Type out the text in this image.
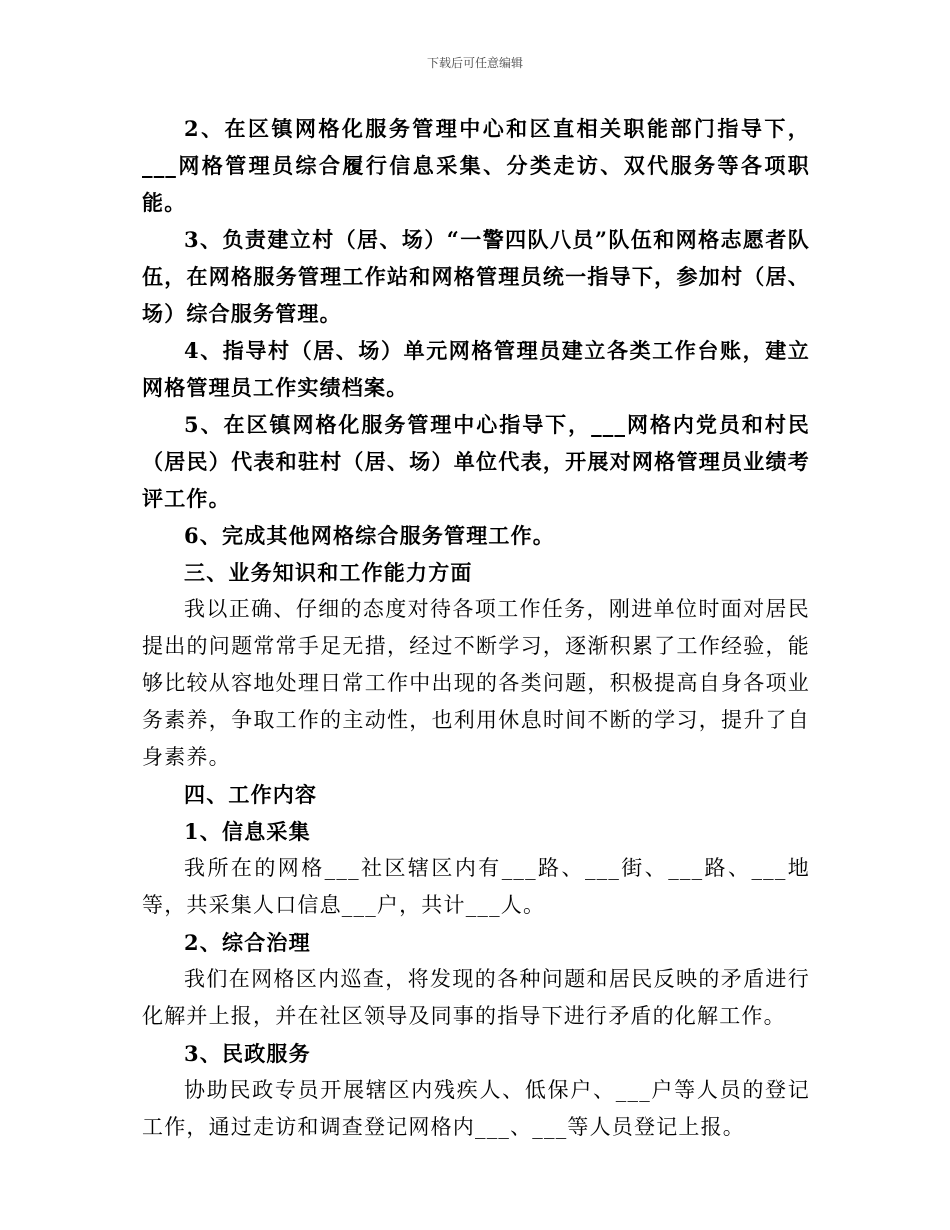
下载后可任意编辑

2、在区镇网格化服务管理中心和区直相关职能部门指导下，___网格管理员综合履行信息采集、分类走访、双代服务等各项职能。

3、负责建立村（居、场）“一警四队八员”队伍和网格志愿者队伍，在网格服务管理工作站和网格管理员统一指导下，参加村（居、场）综合服务管理。

4、指导村（居、场）单元网格管理员建立各类工作台账，建立网格管理员工作实绩档案。

5、在区镇网格化服务管理中心指导下，___网格内党员和村民（居民）代表和驻村（居、场）单位代表，开展对网格管理员业绩考评工作。

6、完成其他网格综合服务管理工作。

三、业务知识和工作能力方面

我以正确、仔细的态度对待各项工作任务，刚进单位时面对居民提出的问题常常手足无措，经过不断学习，逐渐积累了工作经验，能够比较从容地处理日常工作中出现的各类问题，积极提高自身各项业务素养，争取工作的主动性，也利用休息时间不断的学习，提升了自身素养。

四、工作内容

1、信息采集

我所在的网格___社区辖区内有___路、___街、___路、___地等，共采集人口信息___户，共计___人。

2、综合治理

我们在网格区内巡查，将发现的各种问题和居民反映的矛盾进行化解并上报，并在社区领导及同事的指导下进行矛盾的化解工作。

3、民政服务

协助民政专员开展辖区内残疾人、低保户、___户等人员的登记工作，通过走访和调查登记网格内___、___等人员登记上报。
